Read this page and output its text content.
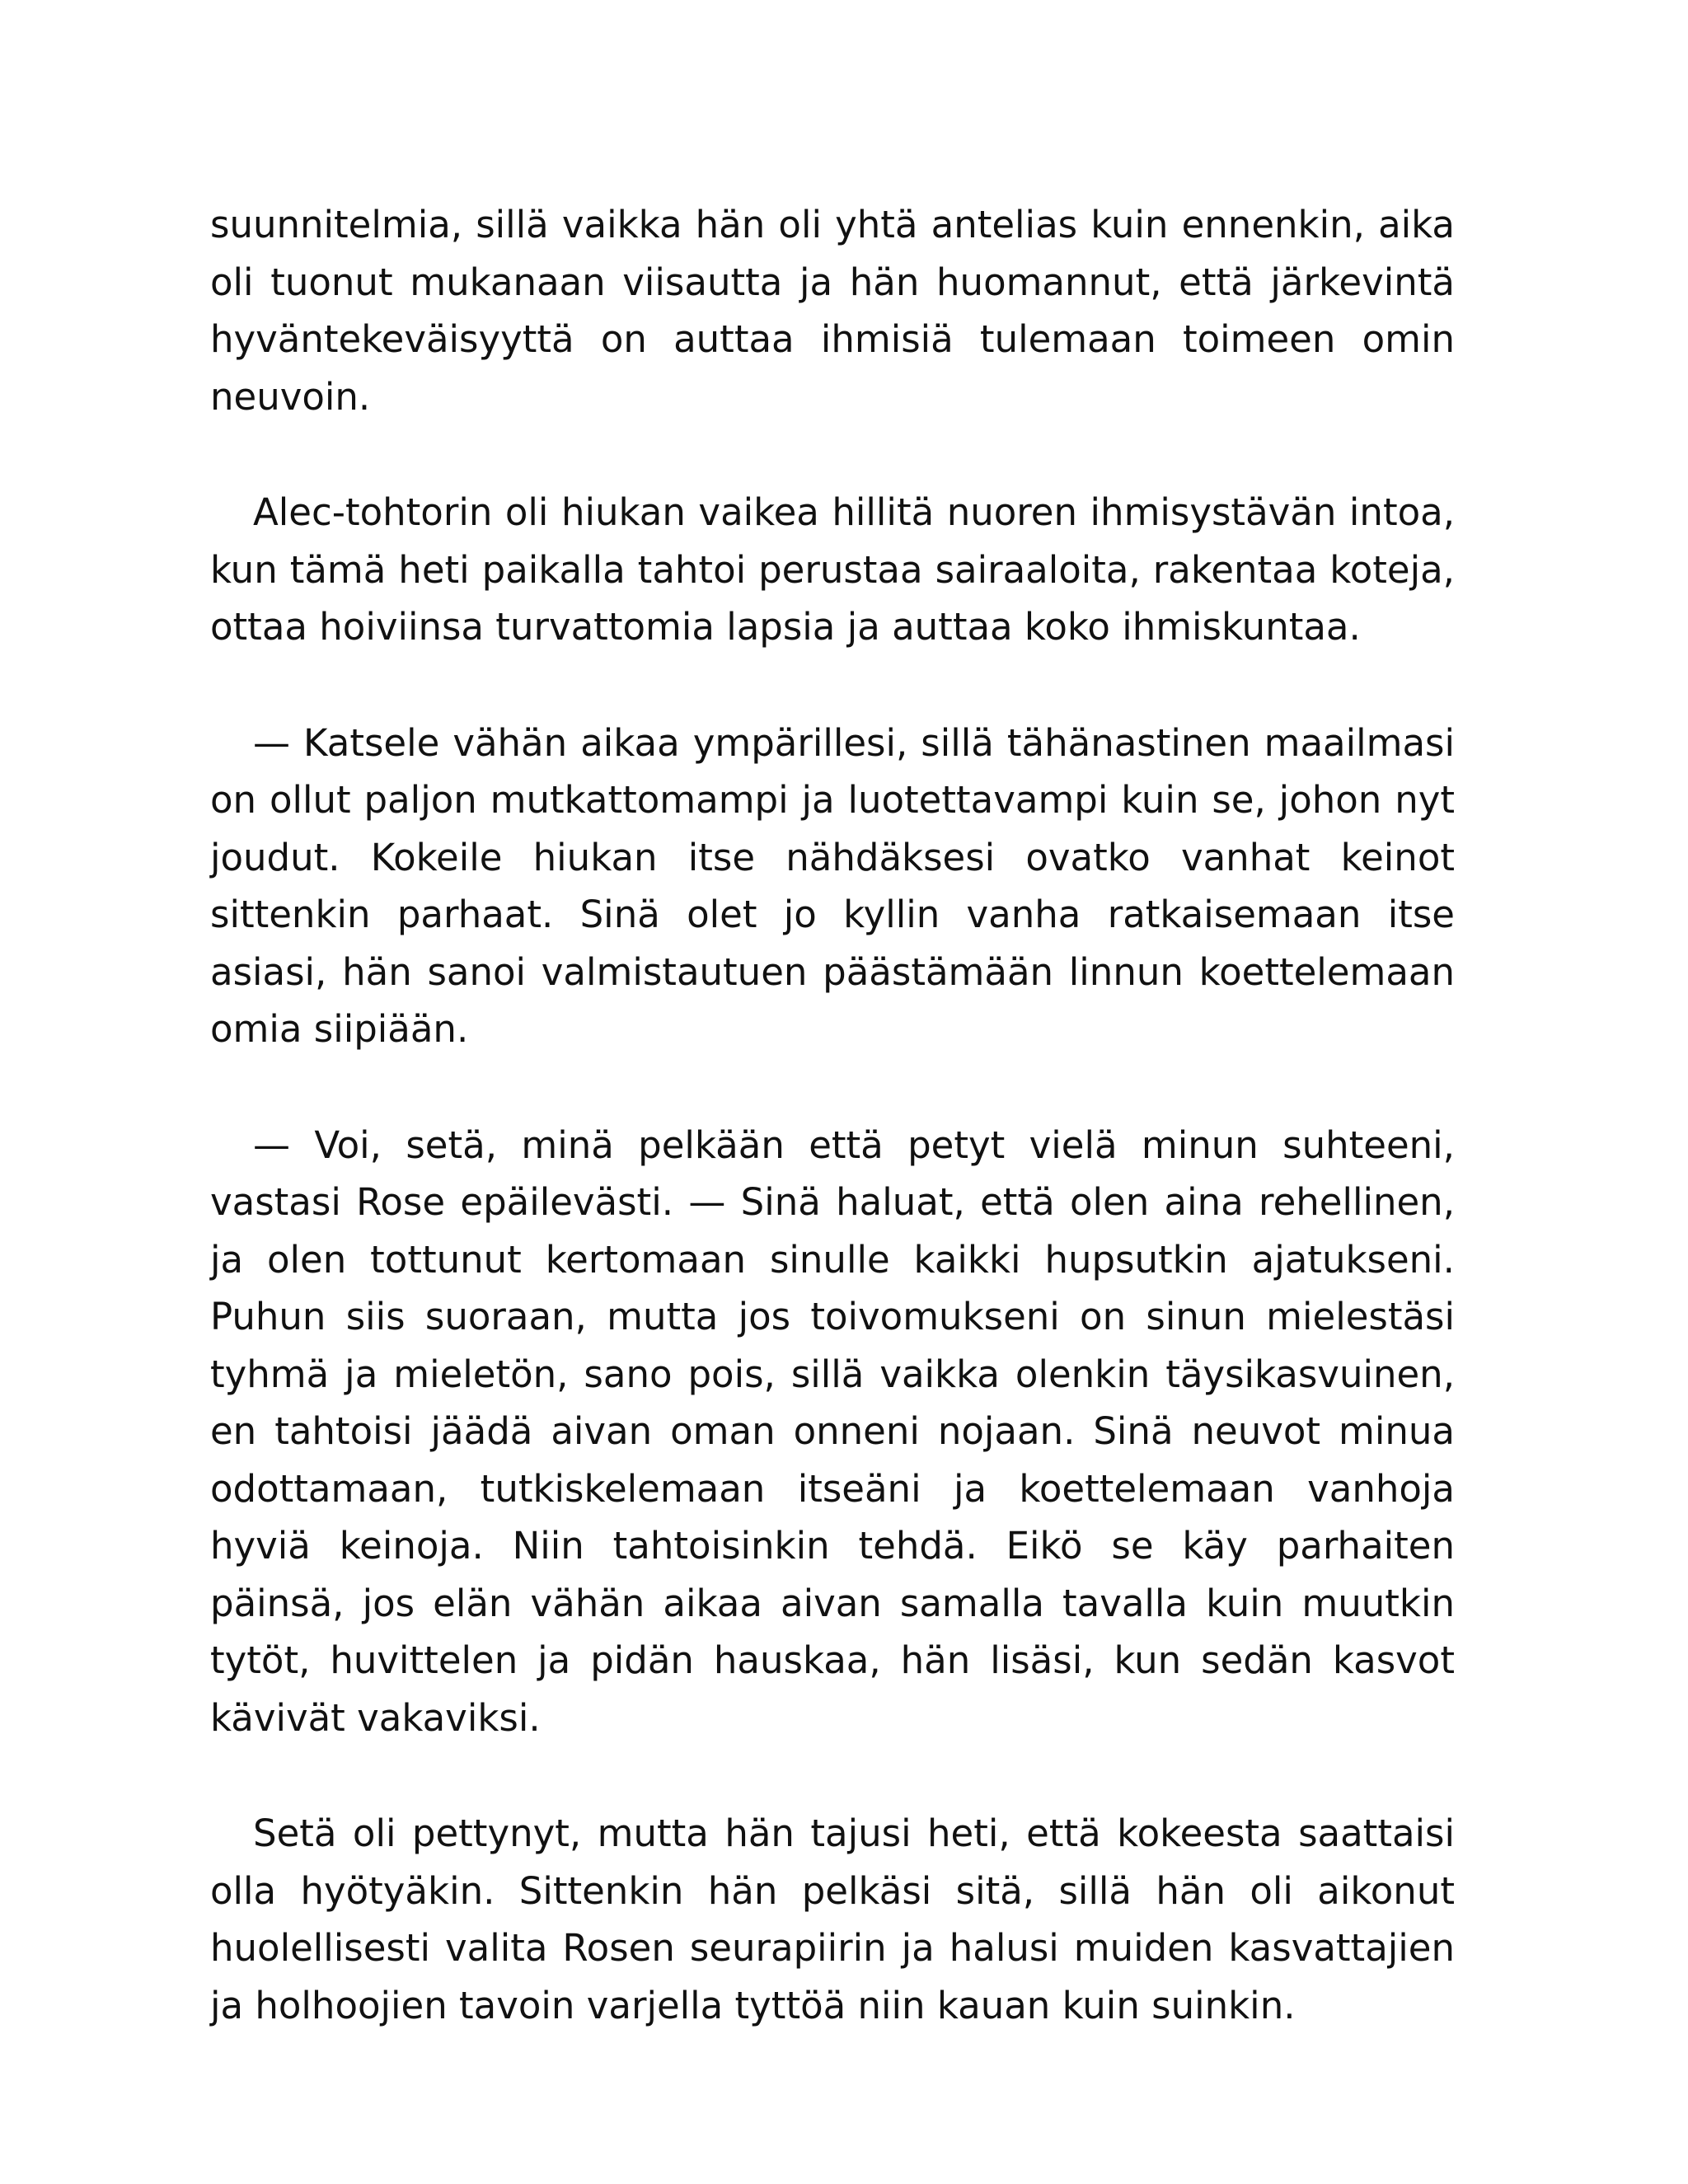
suunnitelmia, sillä vaikka hän oli yhtä antelias kuin ennenkin, aika oli tuonut mukanaan viisautta ja hän huomannut, että järkevintä hyväntekeväisyyttä on auttaa ihmisiä tulemaan toimeen omin neuvoin.

Alec-tohtorin oli hiukan vaikea hillitä nuoren ihmisystävän intoa, kun tämä heti paikalla tahtoi perustaa sairaaloita, rakentaa koteja, ottaa hoiviinsa turvattomia lapsia ja auttaa koko ihmiskuntaa.

— Katsele vähän aikaa ympärillesi, sillä tähänastinen maailmasi on ollut paljon mutkattomampi ja luotettavampi kuin se, johon nyt joudut. Kokeile hiukan itse nähdäksesi ovatko vanhat keinot sittenkin parhaat. Sinä olet jo kyllin vanha ratkaisemaan itse asiasi, hän sanoi valmistautuen päästämään linnun koettelemaan omia siipiään.

— Voi, setä, minä pelkään että petyt vielä minun suhteeni, vastasi Rose epäilevästi. — Sinä haluat, että olen aina rehellinen, ja olen tottunut kertomaan sinulle kaikki hupsutkin ajatukseni. Puhun siis suoraan, mutta jos toivomukseni on sinun mielestäsi tyhmä ja mieletön, sano pois, sillä vaikka olenkin täysikasvuinen, en tahtoisi jäädä aivan oman onneni nojaan. Sinä neuvot minua odottamaan, tutkiskelemaan itseäni ja koettelemaan vanhoja hyviä keinoja. Niin tahtoisinkin tehdä. Eikö se käy parhaiten päinsä, jos elän vähän aikaa aivan samalla tavalla kuin muutkin tytöt, huvittelen ja pidän hauskaa, hän lisäsi, kun sedän kasvot kävivät vakaviksi.

Setä oli pettynyt, mutta hän tajusi heti, että kokeesta saattaisi olla hyötyäkin. Sittenkin hän pelkäsi sitä, sillä hän oli aikonut huolellisesti valita Rosen seurapiirin ja halusi muiden kasvattajien ja holhoojien tavoin varjella tyttöä niin kauan kuin suinkin.
